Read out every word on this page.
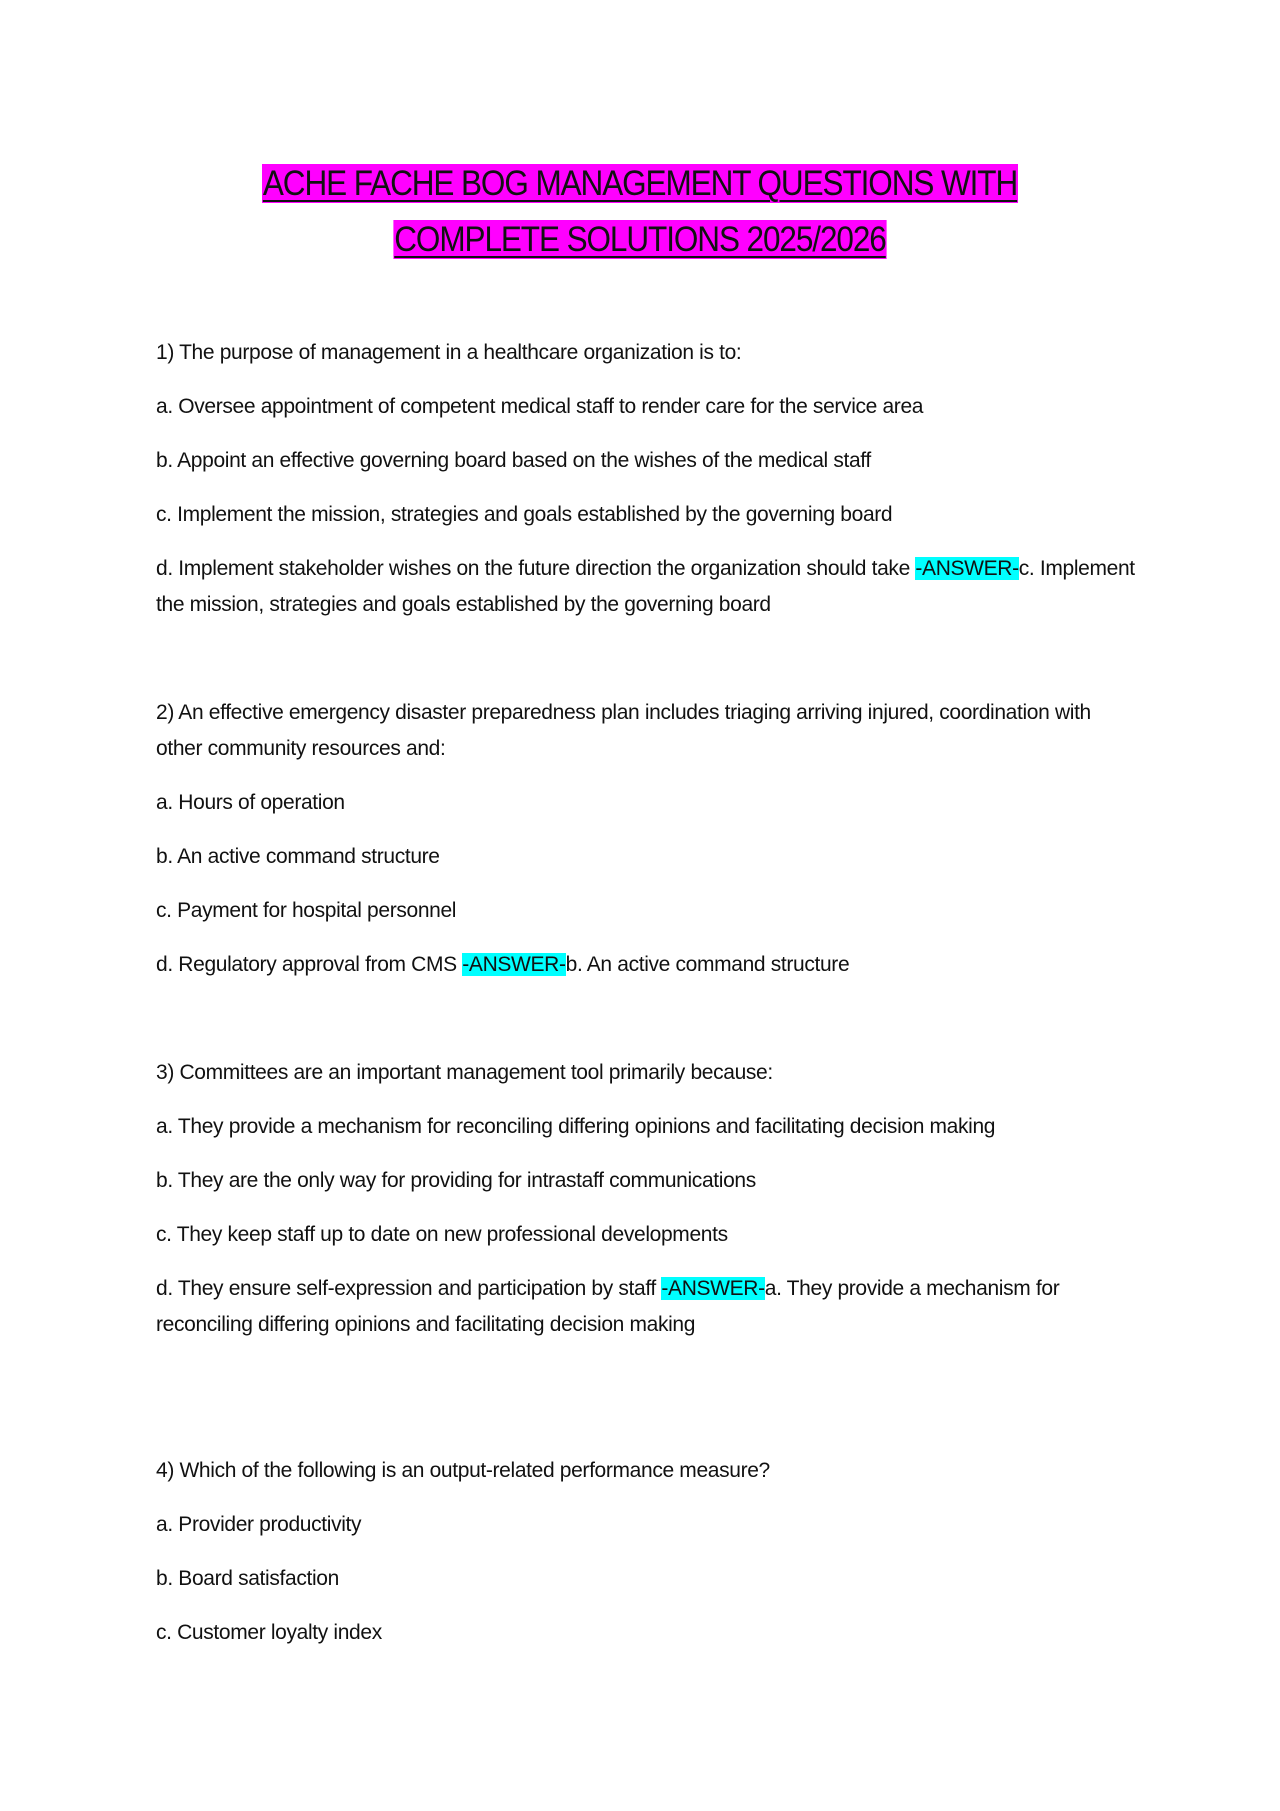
ACHE FACHE BOG MANAGEMENT QUESTIONS WITH
COMPLETE SOLUTIONS 2025/2026

1) The purpose of management in a healthcare organization is to:

a. Oversee appointment of competent medical staff to render care for the service area

b. Appoint an effective governing board based on the wishes of the medical staff

c. Implement the mission, strategies and goals established by the governing board

d. Implement stakeholder wishes on the future direction the organization should take -ANSWER-c. Implement the mission, strategies and goals established by the governing board

2) An effective emergency disaster preparedness plan includes triaging arriving injured, coordination with other community resources and:

a. Hours of operation

b. An active command structure

c. Payment for hospital personnel

d. Regulatory approval from CMS -ANSWER-b. An active command structure

3) Committees are an important management tool primarily because:

a. They provide a mechanism for reconciling differing opinions and facilitating decision making

b. They are the only way for providing for intrastaff communications

c. They keep staff up to date on new professional developments

d. They ensure self-expression and participation by staff -ANSWER-a. They provide a mechanism for reconciling differing opinions and facilitating decision making

4) Which of the following is an output-related performance measure?

a. Provider productivity

b. Board satisfaction

c. Customer loyalty index
